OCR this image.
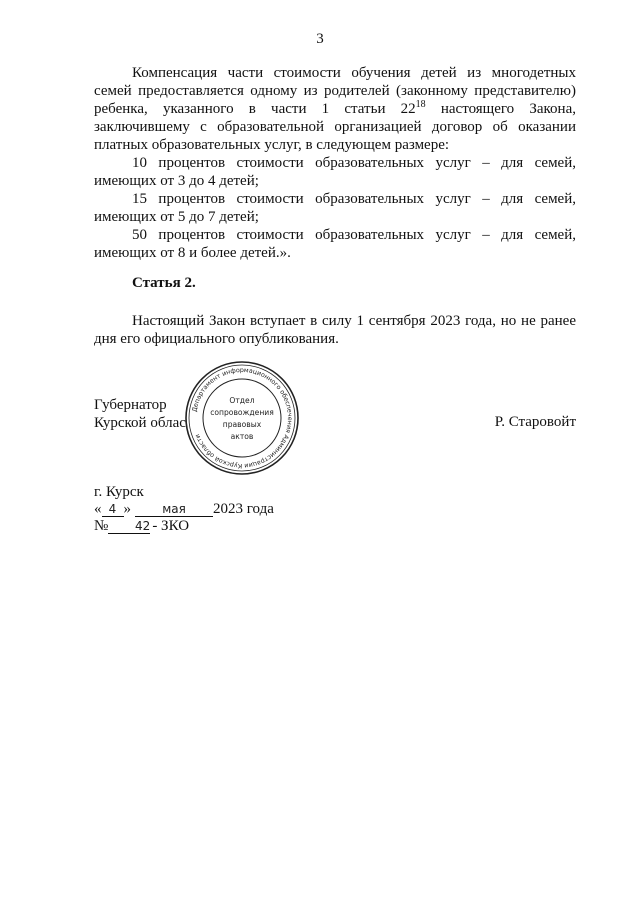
3

Компенсация части стоимости обучения детей из многодетных семей предоставляется одному из родителей (законному представителю) ребенка, указанного в части 1 статьи $22^{18}$ настоящего Закона, заключившему с образовательной организацией договор об оказании платных образовательных услуг, в следующем размере:

10 процентов стоимости образовательных услуг – для семей, имеющих от 3 до 4 детей;

15 процентов стоимости образовательных услуг – для семей, имеющих от 5 до 7 детей;

50 процентов стоимости образовательных услуг – для семей, имеющих от 8 и более детей.».

Статья 2.

Настоящий Закон вступает в силу 1 сентября 2023 года, но не ранее дня его официального опубликования.

Губернатор
Курской облас	Р. Старовойт
Департамент информационного обеспечения Администрации Курской области
Отдел
сопровождения
правовых
актов
г. Курск
« 4 »	мая 2023 года
№ 42 - ЗКО
